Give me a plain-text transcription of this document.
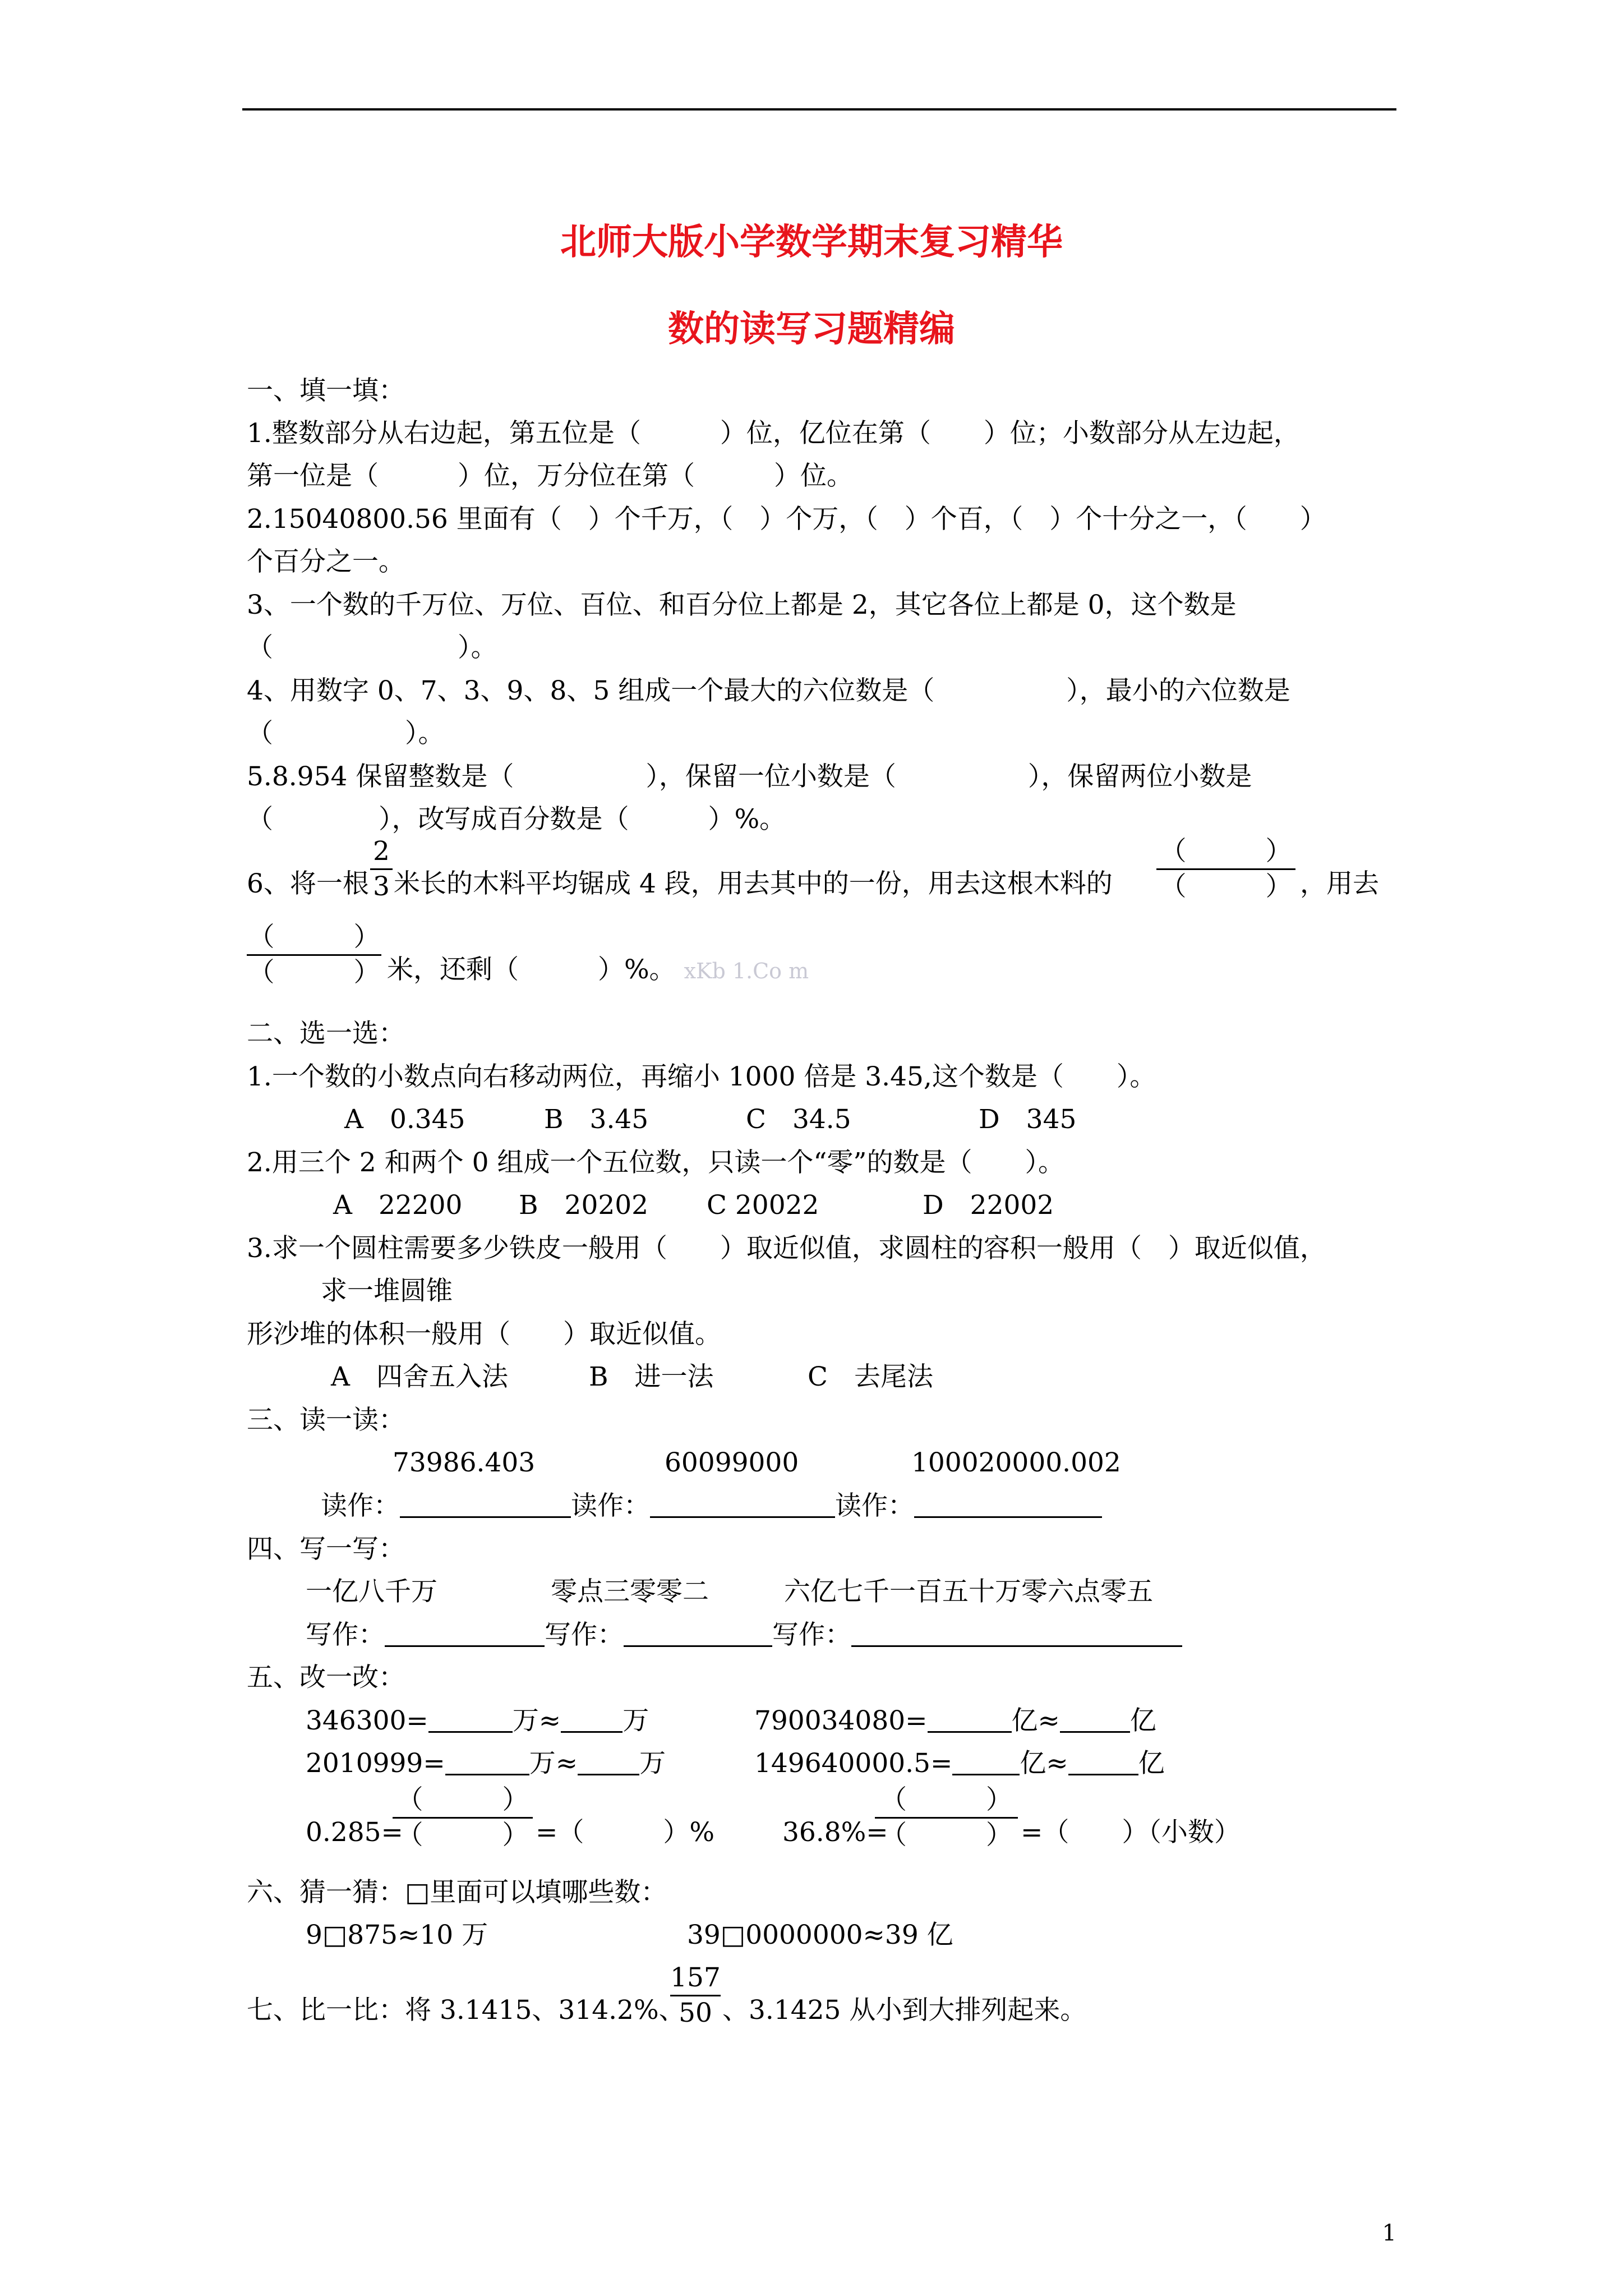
北师大版小学数学期末复习精华
数的读写习题精编
一、填一填：
1.整数部分从右边起，第五位是（　　　）位，亿位在第（　　）位；小数部分从左边起，
第一位是（　　　）位，万分位在第（　　　）位。
2.15040800.56 里面有（　）个千万，（　）个万，（　）个百，（　）个十分之一，（　　）
个百分之一。
3、一个数的千万位、万位、百位、和百分位上都是 2，其它各位上都是 0，这个数是
（　　　　　　　）。
4、用数字 0、7、3、9、8、5 组成一个最大的六位数是（　　　　　），最小的六位数是
（　　　　　）。
5.8.954 保留整数是（　　　　　），保留一位小数是（　　　　　），保留两位小数是
（　　　　），改写成百分数是（　　　）%。
6、将一根
2
3 米长的木料平均锯成 4 段，用去其中的一份，用去这根木料的
（　　　）
（　　　） ，用去
（　　　）
（　　　） 米，还剩（　　　）%。 xKb 1.Co m
二、选一选：
1.一个数的小数点向右移动两位，再缩小 1000 倍是 3.45,这个数是（　　）。
A　0.345	B　3.45	C　34.5	D　345
2.用三个 2 和两个 0 组成一个五位数，只读一个“零”的数是（　　）。
A　22200 B　20202 C 20022	D　22002
3.求一个圆柱需要多少铁皮一般用（　　）取近似值，求圆柱的容积一般用（　）取近似值，
求一堆圆锥
形沙堆的体积一般用（　　）取近似值。
A　四舍五入法	B　进一法	C　去尾法
三、读一读：
73986.403	60099000	100020000.002
读作：	读作：	读作：
四、写一写：
一亿八千万	零点三零零二	六亿七千一百五十万零六点零五
写作：	写作：	写作：
五、改一改：
346300=	万≈ 万	790034080=	亿≈	亿
2010999=	万≈ 万	149640000.5=	亿≈	亿
0.285=
（　　　）
（　　　） =（　　　）%	36.8%=
（　　　）
（　　　） =（　　）（小数）
六、猜一猜：□里面可以填哪些数：
9□875≈10 万	39□0000000≈39 亿
七、比一比：将 3.1415、314.2%、
157
50 、3.1425 从小到大排列起来。
1
